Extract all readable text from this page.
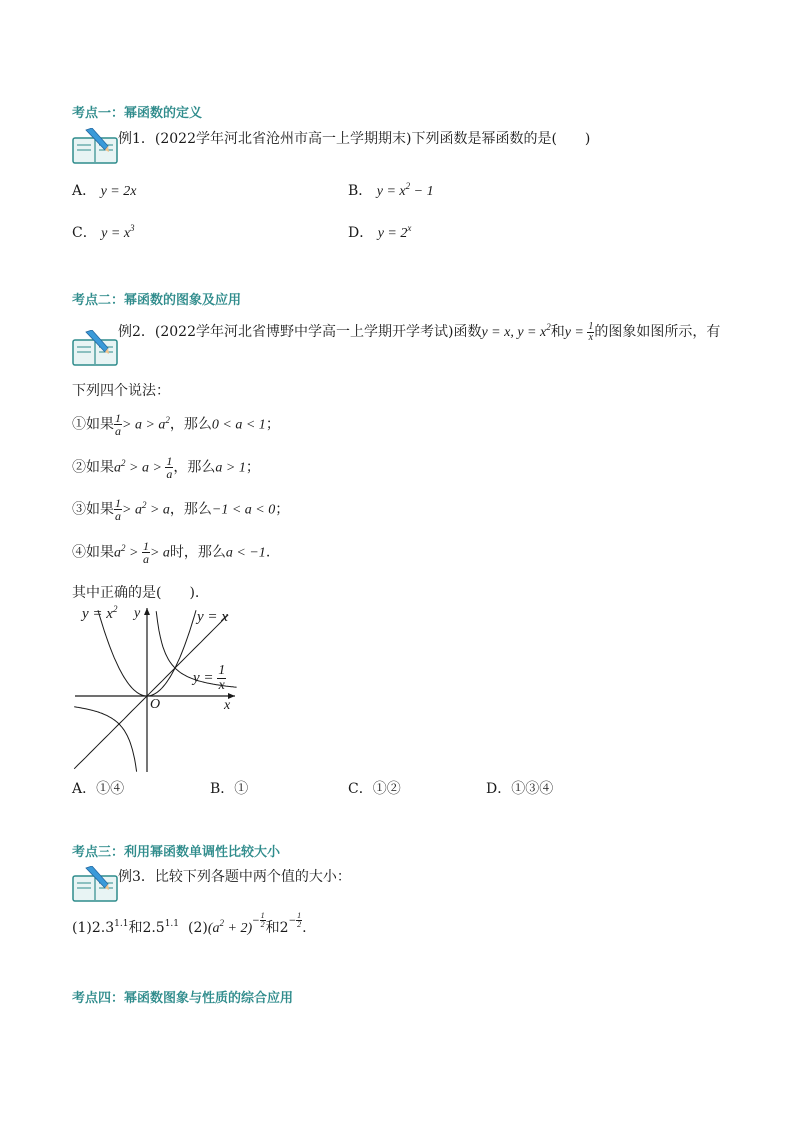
考点一：幂函数的定义
例1．(2022学年河北省沧州市高一上学期期末)下列函数是幂函数的是(　　)
A． y = 2x	B． $y = x^2 - 1$
C． $y = x^3$	D． $y = 2^x$
考点二：幂函数的图象及应用
例2．(2022学年河北省博野中学高一上学期开学考试)函数y = x, $y = x^2$和$y = \frac{1}{x}$ 的图象如图所示，有
下列四个说法：
①如果 $\frac{1}{a} > a > a^2$，那么0 < a < 1；
②如果$a^2 > a > \frac{1}{a}$ ，那么a > 1；
③如果 $\frac{1}{a} > a^2 > a$，那么−1 < a < 0；
④如果$a^2 > \frac{1}{a} > a$时，那么a < −1.
其中正确的是(　　).
$y = x^2$ y	y = x
$y = \frac{1}{x}$
O	x
A．①④	B．①	C．①②	D．①③④
考点三：利用幂函数单调性比较大小
例3．比较下列各题中两个值的大小：
$(1)2.3^{1.1}$和$2.5^{1.1}$ $(2)(a^2 + 2)^{- \frac{1}{2}}$ 和$2^{- \frac{1}{2}}$ .
考点四：幂函数图象与性质的综合应用
